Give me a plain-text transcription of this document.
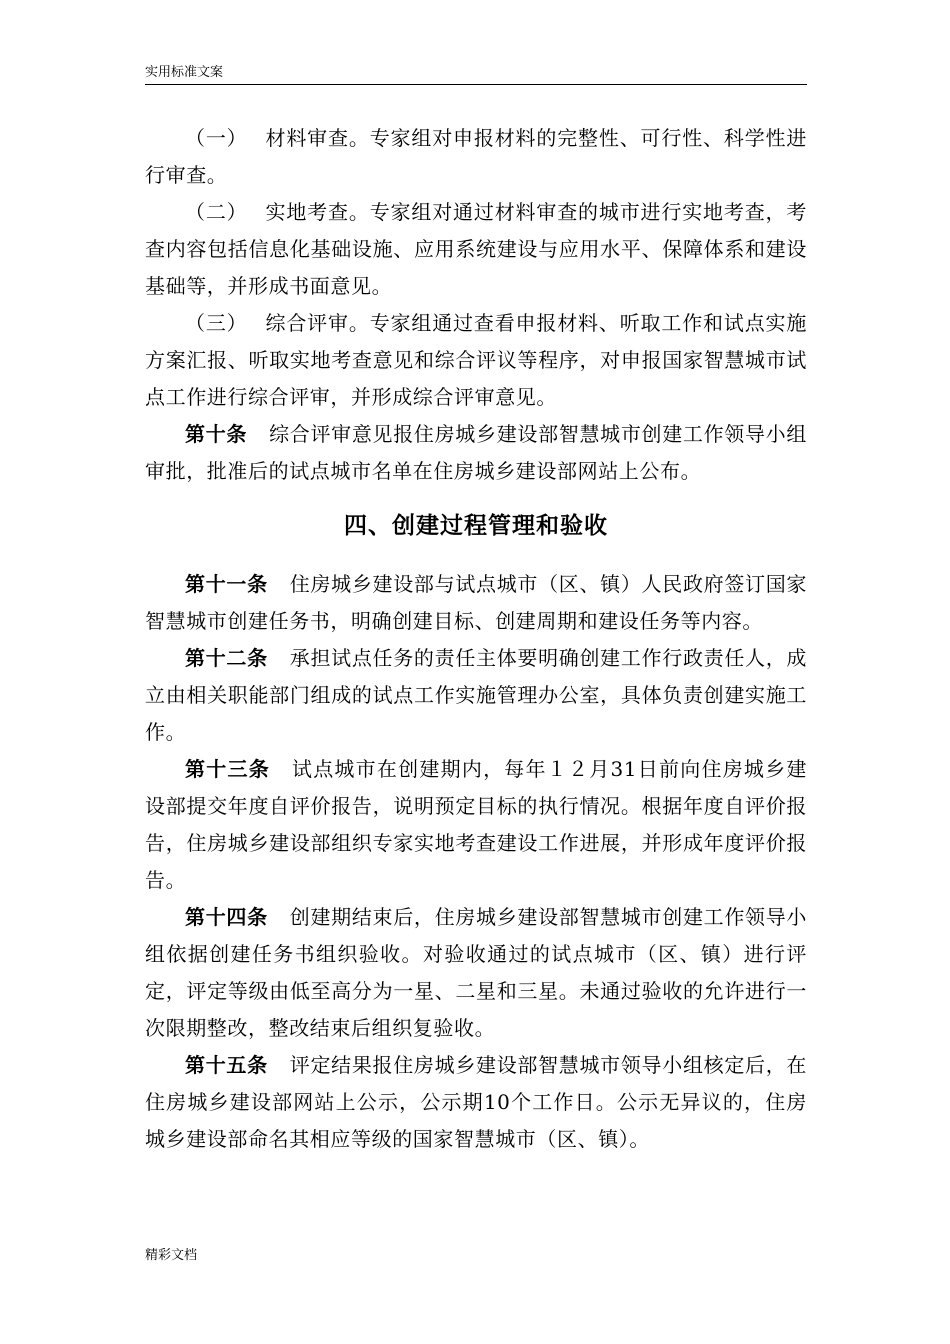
实用标准文案

（一） 材料审查。专家组对申报材料的完整性、可行性、科学性进行审查。

（二） 实地考查。专家组对通过材料审查的城市进行实地考查，考查内容包括信息化基础设施、应用系统建设与应用水平、保障体系和建设基础等，并形成书面意见。

（三） 综合评审。专家组通过查看申报材料、听取工作和试点实施方案汇报、听取实地考查意见和综合评议等程序，对申报国家智慧城市试点工作进行综合评审，并形成综合评审意见。

第十条 综合评审意见报住房城乡建设部智慧城市创建工作领导小组审批，批准后的试点城市名单在住房城乡建设部网站上公布。

四、创建过程管理和验收

第十一条 住房城乡建设部与试点城市（区、镇）人民政府签订国家智慧城市创建任务书，明确创建目标、创建周期和建设任务等内容。

第十二条 承担试点任务的责任主体要明确创建工作行政责任人，成立由相关职能部门组成的试点工作实施管理办公室，具体负责创建实施工作。

第十三条 试点城市在创建期内，每年１２月31日前向住房城乡建设部提交年度自评价报告，说明预定目标的执行情况。根据年度自评价报告，住房城乡建设部组织专家实地考查建设工作进展，并形成年度评价报告。

第十四条 创建期结束后，住房城乡建设部智慧城市创建工作领导小组依据创建任务书组织验收。对验收通过的试点城市（区、镇）进行评定，评定等级由低至高分为一星、二星和三星。未通过验收的允许进行一次限期整改，整改结束后组织复验收。

第十五条 评定结果报住房城乡建设部智慧城市领导小组核定后，在住房城乡建设部网站上公示，公示期10个工作日。公示无异议的，住房城乡建设部命名其相应等级的国家智慧城市（区、镇）。

精彩文档
